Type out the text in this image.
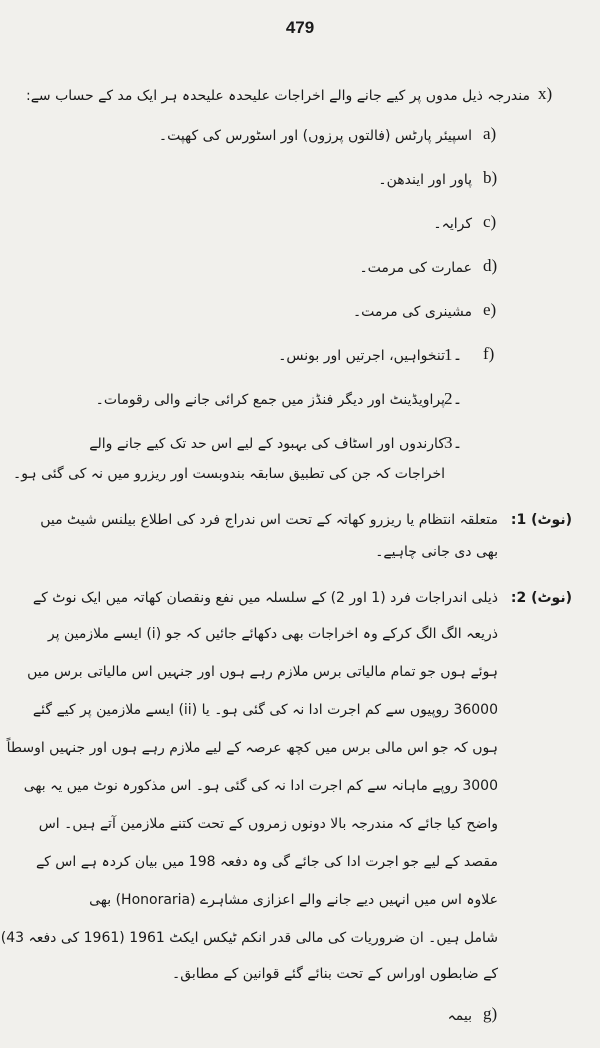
479
مندرجہ ذیل مدوں پر کیے جانے والے اخراجات علیحدہ علیحدہ ہر ایک مد کے حساب سے: x)
اسپیئر پارٹس (فالتوں پرزوں) اور اسٹورس کی کھپت۔ a)
پاور اور ایندھن۔ b)
کرایہ۔ c)
عمارت کی مرمت۔ d)
مشینری کی مرمت۔ e)
تنخواہیں، اجرتیں اور بونس۔ 1۔ f)
پراویڈینٹ اور دیگر فنڈز میں جمع کرائی جانے والی رقومات۔ 2۔
کارندوں اور اسٹاف کی بہبود کے لیے اس حد تک کیے جانے والے 3۔
اخراجات کہ جن کی تطبیق سابقہ بندوبست اور ریزرو میں نہ کی گئی ہو۔
متعلقہ انتظام یا ریزرو کھاتہ کے تحت اس ندراج فرد کی اطلاع بیلنس شیٹ میں (نوٹ) 1:
بھی دی جانی چاہیے۔
ذیلی اندراجات فرد (1 اور 2) کے سلسلہ میں نفع ونقصان کھاتہ میں ایک نوٹ کے (نوٹ) 2:
ذریعہ الگ الگ کرکے وہ اخراجات بھی دکھائے جائیں کہ جو (i) ایسے ملازمین پر
ہوئے ہوں جو تمام مالیاتی برس ملازم رہے ہوں اور جنہیں اس مالیاتی برس میں
36000 روپیوں سے کم اجرت ادا نہ کی گئی ہو۔ یا (ii) ایسے ملازمین پر کیے گئے
ہوں کہ جو اس مالی برس میں کچھ عرصہ کے لیے ملازم رہے ہوں اور جنہیں اوسطاً
3000 روپے ماہانہ سے کم اجرت ادا نہ کی گئی ہو۔ اس مذکورہ نوٹ میں یہ بھی
واضح کیا جائے کہ مندرجہ بالا دونوں زمروں کے تحت کتنے ملازمین آتے ہیں۔ اس
مقصد کے لیے جو اجرت ادا کی جائے گی وہ دفعہ 198 میں بیان کردہ ہے اس کے
علاوہ اس میں انہیں دیے جانے والے اعزازی مشاہرے (Honoraria) بھی
شامل ہیں۔ ان ضروریات کی مالی قدر انکم ٹیکس ایکٹ 1961 (1961 کی دفعہ 43)
کے ضابطوں اوراس کے تحت بنائے گئے قوانین کے مطابق۔
بیمہ g)
